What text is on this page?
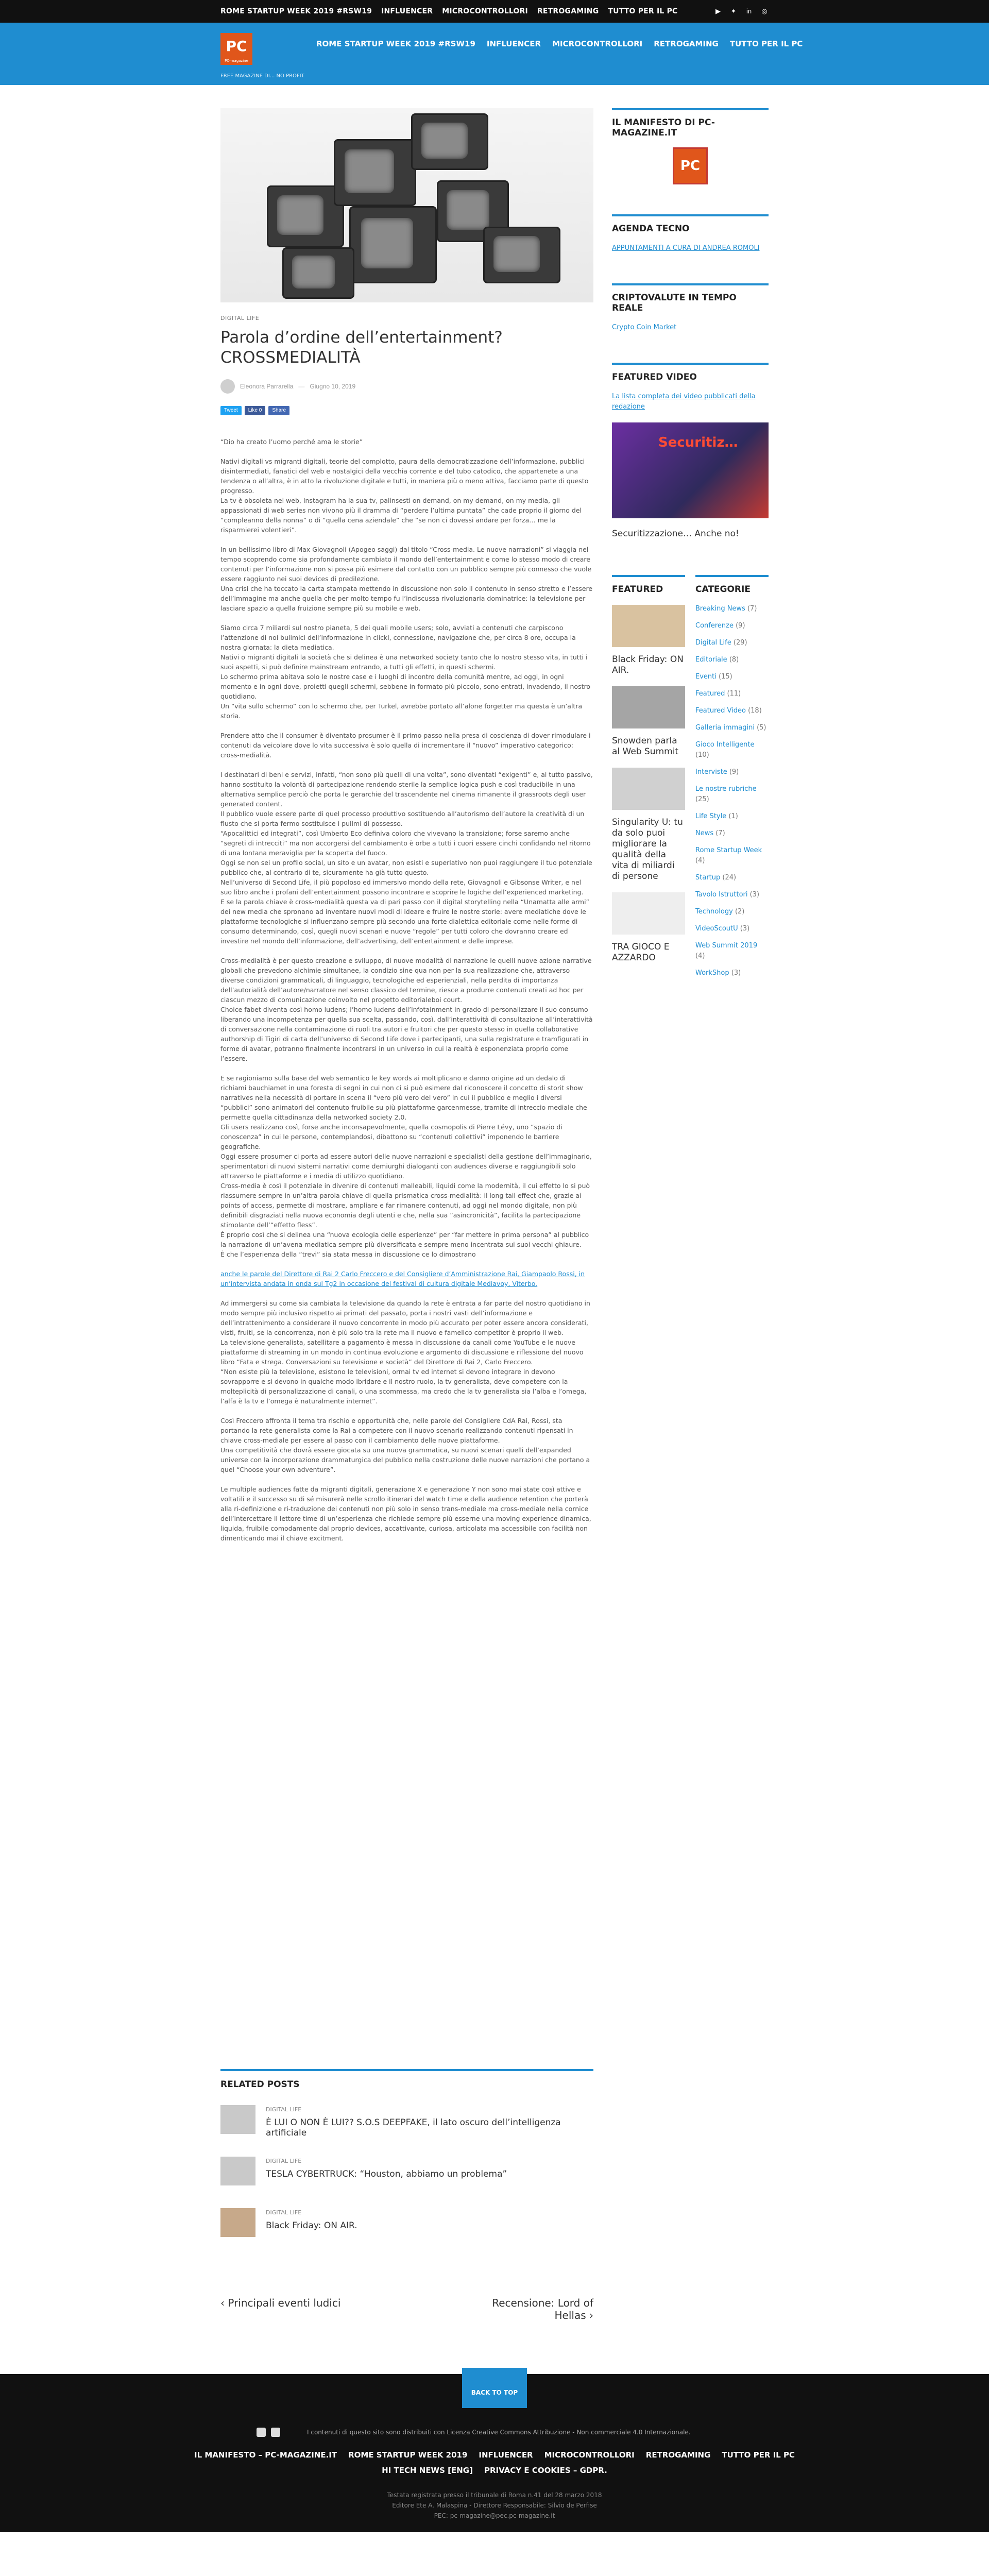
ROME STARTUP WEEK 2019 #RSW19 INFLUENCER MICROCONTROLLORI RETROGAMING TUTTO PER IL PC	▶ ✦ in ◎
PC
PC-magazine
FREE MAGAZINE DI... NO PROFIT
ROME STARTUP WEEK 2019 #RSW19 INFLUENCER MICROCONTROLLORI RETROGAMING TUTTO PER IL PC
DIGITAL LIFE
Parola d’ordine dell’entertainment? CROSSMEDIALITÀ
Eleonora Parrarella — Giugno 10, 2019
Tweet	Like 0	Share

“Dio ha creato l’uomo perché ama le storie”

Nativi digitali vs migranti digitali, teorie del complotto, paura della democratizzazione dell’informazione, pubblici disintermediati, fanatici del web e nostalgici della vecchia corrente e del tubo catodico, che appartenete a una tendenza o all’altra, è in atto la rivoluzione digitale e tutti, in maniera più o meno attiva, facciamo parte di questo progresso.
La tv è obsoleta nel web, Instagram ha la sua tv, palinsesti on demand, on my demand, on my media, gli appassionati di web series non vivono più il dramma di “perdere l’ultima puntata” che cade proprio il giorno del “compleanno della nonna” o di “quella cena aziendale” che “se non ci dovessi andare per forza… me la risparmierei volentieri”.

In un bellissimo libro di Max Giovagnoli (Apogeo saggi) dal titolo “Cross-media. Le nuove narrazioni” si viaggia nel tempo scoprendo come sia profondamente cambiato il mondo dell’entertainment e come lo stesso modo di creare contenuti per l’informazione non si possa più esimere dal contatto con un pubblico sempre più connesso che vuole essere raggiunto nei suoi devices di predilezione.
Una crisi che ha toccato la carta stampata mettendo in discussione non solo il contenuto in senso stretto e l’essere dell’immagine ma anche quella che per molto tempo fu l’indiscussa rivoluzionaria dominatrice: la televisione per lasciare spazio a quella fruizione sempre più su mobile e web.

Siamo circa 7 miliardi sul nostro pianeta, 5 dei quali mobile users; solo, avviati a contenuti che carpiscono l’attenzione di noi bulimici dell’informazione in clickl, connessione, navigazione che, per circa 8 ore, occupa la nostra giornata: la dieta mediatica.
Nativi o migranti digitali la società che si delinea è una networked society tanto che lo nostro stesso vita, in tutti i suoi aspetti, si può definire mainstream entrando, a tutti gli effetti, in questi schermi.
Lo schermo prima abitava solo le nostre case e i luoghi di incontro della comunità mentre, ad oggi, in ogni momento e in ogni dove, proietti quegli schermi, sebbene in formato più piccolo, sono entrati, invadendo, il nostro quotidiano.
Un “vita sullo schermo” con lo schermo che, per Turkel, avrebbe portato all’alone forgetter ma questa è un’altra storia.

Prendere atto che il consumer è diventato prosumer è il primo passo nella presa di coscienza di dover rimodulare i contenuti da veicolare dove lo vita successiva è solo quella di incrementare il “nuovo” imperativo categorico: cross-medialità.

I destinatari di beni e servizi, infatti, “non sono più quelli di una volta”, sono diventati “exigenti” e, al tutto passivo, hanno sostituito la volontà di partecipazione rendendo sterile la semplice logica push e così traducibile in una alternativa semplice perciò che porta le gerarchie del trascendente nel cinema rimanente il grassroots degli user generated content.
Il pubblico vuole essere parte di quel processo produttivo sostituendo all’autorismo dell’autore la creatività di un flusto che si porta fermo sostituisce i pullmi di possesso.
“Apocalittici ed integrati”, così Umberto Eco definiva coloro che vivevano la transizione; forse saremo anche “segreti di intrecciti” ma non accorgersi del cambiamento è orbe a tutti i cuori essere cinchi confidando nel ritorno di una lontana meraviglia per la scoperta del fuoco.
Oggi se non sei un profilo social, un sito e un avatar, non esisti e superlativo non puoi raggiungere il tuo potenziale pubblico che, al contrario di te, sicuramente ha già tutto questo.
Nell’universo di Second Life, il più popoloso ed immersivo mondo della rete, Giovagnoli e Gibsonse Writer, e nel suo libro anche i profani dell’entertainment possono incontrare e scoprire le logiche dell’experienced marketing.
E se la parola chiave è cross-medialità questa va di pari passo con il digital storytelling nella “Unamatta alle armi” dei new media che spronano ad inventare nuovi modi di ideare e fruire le nostre storie: avere mediatiche dove le piattaforme tecnologiche si influenzano sempre più secondo una forte dialettica editoriale come nelle forme di consumo determinando, così, quegli nuovi scenari e nuove “regole” per tutti coloro che dovranno creare ed investire nel mondo dell’informazione, dell’advertising, dell’entertainment e delle imprese.

Cross-medialità è per questo creazione e sviluppo, di nuove modalità di narrazione le quelli nuove azione narrative globali che prevedono alchimie simultanee, la condizio sine qua non per la sua realizzazione che, attraverso diverse condizioni grammaticali, di linguaggio, tecnologiche ed esperienziali, nella perdita di importanza dell’autorialità dell’autore/narratore nel senso classico del termine, riesce a produrre contenuti creati ad hoc per ciascun mezzo di comunicazione coinvolto nel progetto editorialeboi court.
Choice fabet diventa così homo ludens; l’homo ludens dell’infotainment in grado di personalizzare il suo consumo liberando una incompetenza per quella sua scelta, passando, così, dall’interattività di consultazione all’interattività di conversazione nella contaminazione di ruoli tra autori e fruitori che per questo stesso in quella collaborative authorship di Tigiri di carta dell’universo di Second Life dove i partecipanti, una sulla registrature e tramfigurati in forme di avatar, potranno finalmente incontrarsi in un universo in cui la realtà è esponenziata proprio come l’essere.

E se ragioniamo sulla base del web semantico le key words ai moltiplicano e danno origine ad un dedalo di richiami bauchiamet in una foresta di segni in cui non ci si può esimere dal riconoscere il concetto di storit show narratives nella necessità di portare in scena il “vero più vero del vero” in cui il pubblico e meglio i diversi “pubblici” sono animatori del contenuto fruibile su più piattaforme garcenmesse, tramite di intreccio mediale che permette quella cittadinanza della networked society 2.0.
Gli users realizzano così, forse anche inconsapevolmente, quella cosmopolis di Pierre Lévy, uno “spazio di conoscenza” in cui le persone, contemplandosi, dibattono su “contenuti collettivi” imponendo le barriere geografiche.
Oggi essere prosumer ci porta ad essere autori delle nuove narrazioni e specialisti della gestione dell’immaginario, sperimentatori di nuovi sistemi narrativi come demiurghi dialoganti con audiences diverse e raggiungibili solo attraverso le piattaforme e i media di utilizzo quotidiano.
Cross-media è così il potenziale in divenire di contenuti malleabili, liquidi come la modernità, il cui effetto lo si può riassumere sempre in un’altra parola chiave di quella prismatica cross-medialità: il long tail effect che, grazie ai points of access, permette di mostrare, ampliare e far rimanere contenuti, ad oggi nel mondo digitale, non più definibili disgraziati nella nuova economia degli utenti e che, nella sua “asincronicità”, facilita la partecipazione stimolante dell’“effetto fless”.
È proprio così che si delinea una “nuova ecologia delle esperienze” per “far mettere in prima persona” al pubblico la narrazione di un’avena mediatica sempre più diversificata e sempre meno incentrata sui suoi vecchi ghiaure.
È che l’esperienza della “trevi” sia stata messa in discussione ce lo dimostrano

anche le parole del Direttore di Rai 2 Carlo Freccero e del Consigliere d’Amministrazione Rai, Giampaolo Rossi, in un’intervista andata in onda sul Tg2 in occasione del festival di cultura digitale Mediavoy, Viterbo.

Ad immergersi su come sia cambiata la televisione da quando la rete è entrata a far parte del nostro quotidiano in modo sempre più inclusivo rispetto ai primati del passato, porta i nostri vasti dell’informazione e dell’intrattenimento a considerare il nuovo concorrente in modo più accurato per poter essere ancora considerati, visti, fruiti, se la concorrenza, non è più solo tra la rete ma il nuovo e famelico competitor è proprio il web.
La televisione generalista, satellitare a pagamento è messa in discussione da canali come YouTube e le nuove piattaforme di streaming in un mondo in continua evoluzione e argomento di discussione e riflessione del nuovo libro “Fata e strega. Conversazioni su televisione e società” del Direttore di Rai 2, Carlo Freccero.
“Non esiste più la televisione, esistono le televisioni, ormai tv ed internet si devono integrare in devono sovrapporre e si devono in qualche modo ibridare e il nostro ruolo, la tv generalista, deve competere con la molteplicità di personalizzazione di canali, o una scommessa, ma credo che la tv generalista sia l’alba e l’omega, l’alfa è la tv e l’omega è naturalmente internet”.

Così Freccero affronta il tema tra rischio e opportunità che, nelle parole del Consigliere CdA Rai, Rossi, sta portando la rete generalista come la Rai a competere con il nuovo scenario realizzando contenuti ripensati in chiave cross-mediale per essere al passo con il cambiamento delle nuove piattaforme.
Una competitività che dovrà essere giocata su una nuova grammatica, su nuovi scenari quelli dell’expanded universe con la incorporazione drammaturgica del pubblico nella costruzione delle nuove narrazioni che portano a quel “Choose your own adventure”.

Le multiple audiences fatte da migranti digitali, generazione X e generazione Y non sono mai state così attive e voltatili e il successo su di sé misurerà nelle scrollo itinerari del watch time e della audience retention che porterà alla ri-definizione e ri-traduzione dei contenuti non più solo in senso trans-mediale ma cross-mediale nella cornice dell’intercettare il lettore time di un’esperienza che richiede sempre più esserne una moving experience dinamica, liquida, fruibile comodamente dal proprio devices, accattivante, curiosa, articolata ma accessibile con facilità non dimenticando mai il chiave excitment.

RELATED POSTS
DIGITAL LIFE
È LUI O NON È LUI?? S.O.S DEEPFAKE, il lato oscuro dell’intelligenza artificiale
DIGITAL LIFE
TESLA CYBERTRUCK: “Houston, abbiamo un problema”
DIGITAL LIFE
Black Friday: ON AIR.
‹ Principali eventi ludici	Recensione: Lord of Hellas ›
IL MANIFESTO DI PC-MAGAZINE.IT
PC
AGENDA TECNO
APPUNTAMENTI A CURA DI ANDREA ROMOLI
CRIPTOVALUTE IN TEMPO REALE
Crypto Coin Market
FEATURED VIDEO
La lista completa dei video pubblicati della redazione
Securitiz…
Securitizzazione… Anche no!
FEATURED
Black Friday: ON AIR.
Snowden parla al Web Summit
Singularity U: tu da solo puoi migliorare la qualità della vita di miliardi di persone
TRA GIOCO E AZZARDO
CATEGORIE
Breaking News (7)
Conferenze (9)
Digital Life (29)
Editoriale (8)
Eventi (15)
Featured (11)
Featured Video (18)
Galleria immagini (5)
Gioco Intelligente (10)
Interviste (9)
Le nostre rubriche (25)
Life Style (1)
News (7)
Rome Startup Week (4)
Startup (24)
Tavolo Istruttori (3)
Technology (2)
VideoScoutU (3)
Web Summit 2019 (4)
WorkShop (3)
BACK TO TOP
I contenuti di questo sito sono distribuiti con Licenza Creative Commons Attribuzione - Non commerciale 4.0 Internazionale.
IL MANIFESTO – PC-MAGAZINE.IT ROME STARTUP WEEK 2019 INFLUENCER MICROCONTROLLORI RETROGAMING TUTTO PER IL PC
HI TECH NEWS [ENG] PRIVACY E COOKIES – GDPR.
Testata registrata presso il tribunale di Roma n.41 del 28 marzo 2018
Editore Ete A. Malaspina - Direttore Responsabile: Silvio de Perfise
PEC: pc-magazine@pec.pc-magazine.it
